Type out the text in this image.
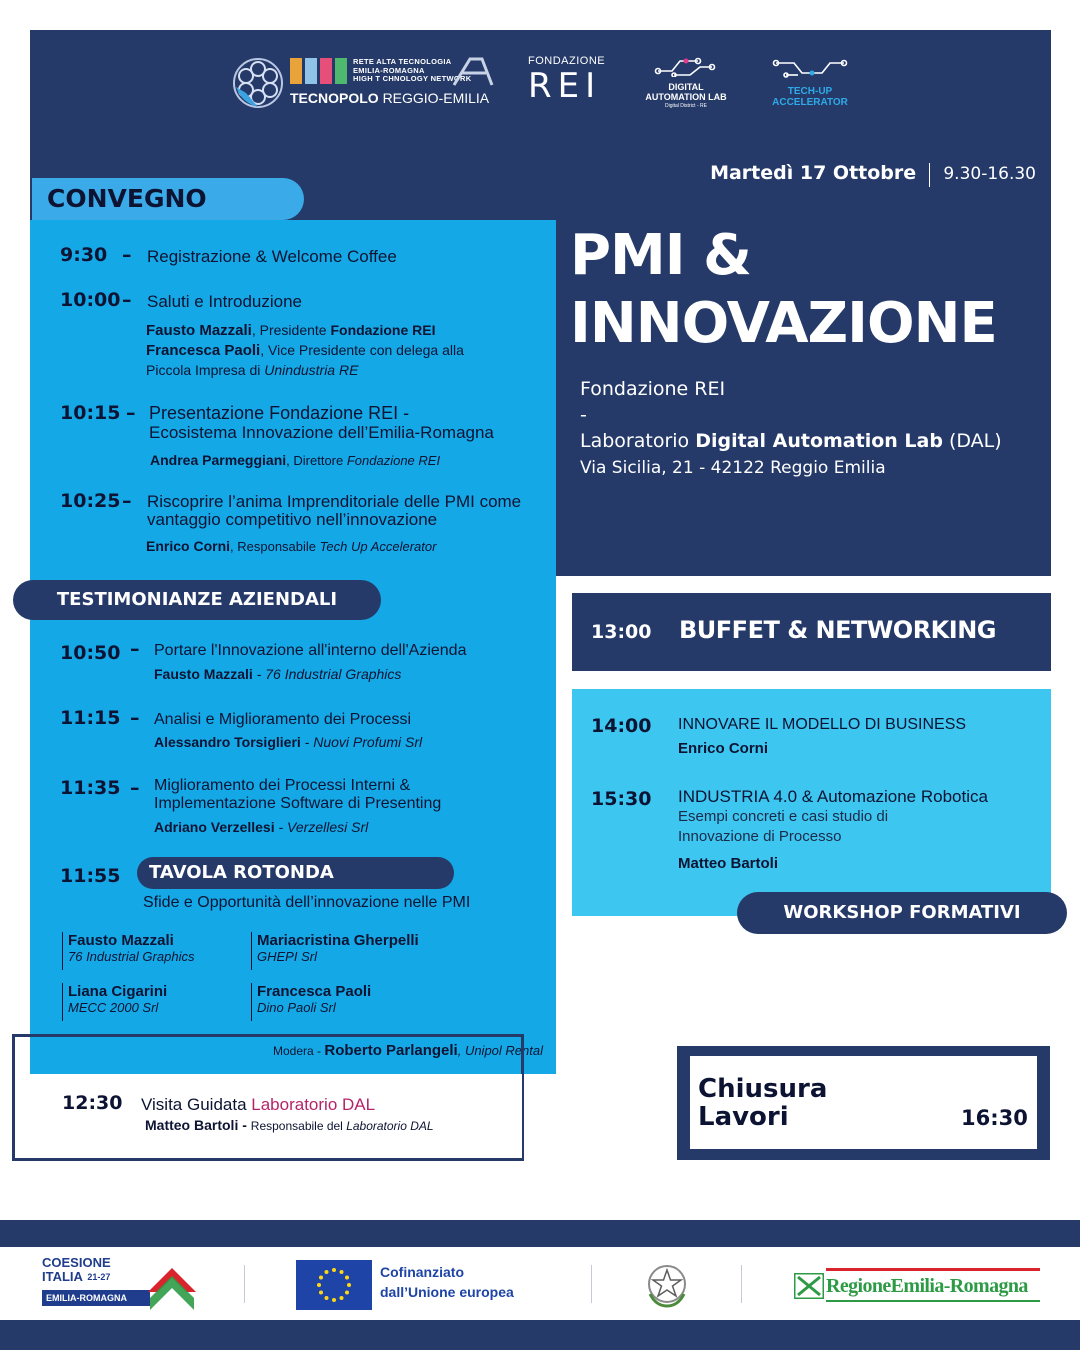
RETE ALTA TECNOLOGIA
EMILIA-ROMAGNA
HIGH T CHNOLOGY NETWORK
TECNOPOLO REGGIO-EMILIA
FONDAZIONE
REI	DIGITAL
AUTOMATION LAB
Digital District - RE
TECH-UP
ACCELERATOR
Martedì 17 Ottobre 9.30-16.30
PMI &
INNOVAZIONE
Fondazione REI
-
Laboratorio Digital Automation Lab (DAL)
Via Sicilia, 21 - 42122 Reggio Emilia
CONVEGNO
9:30 – Registrazione & Welcome Coffee
10:00 – Saluti e Introduzione
Fausto Mazzali, Presidente Fondazione REI
Francesca Paoli, Vice Presidente con delega alla
Piccola Impresa di Unindustria RE
10:15 – Presentazione Fondazione REI -
Ecosistema Innovazione dell’Emilia-Romagna
Andrea Parmeggiani, Direttore Fondazione REI
10:25 – Riscoprire l’anima Imprenditoriale delle PMI come
vantaggio competitivo nell’innovazione
Enrico Corni, Responsabile Tech Up Accelerator
TESTIMONIANZE AZIENDALI
10:50 – Portare l'Innovazione all'interno dell'Azienda
Fausto Mazzali - 76 Industrial Graphics
11:15 – Analisi e Miglioramento dei Processi
Alessandro Torsiglieri - Nuovi Profumi Srl
11:35 – Miglioramento dei Processi Interni &
Implementazione Software di Presenting
Adriano Verzellesi - Verzellesi Srl
11:55	TAVOLA ROTONDA
Sfide e Opportunità dell’innovazione nelle PMI
Fausto Mazzali
76 Industrial Graphics
Mariacristina Gherpelli
GHEPI Srl
Liana Cigarini
MECC 2000 Srl
Francesca Paoli
Dino Paoli Srl
Modera - Roberto Parlangeli, Unipol Rental
12:30 Visita Guidata Laboratorio DAL
Matteo Bartoli - Responsabile del Laboratorio DAL
13:00 BUFFET & NETWORKING
14:00 INNOVARE IL MODELLO DI BUSINESS
Enrico Corni
15:30 INDUSTRIA 4.0 & Automazione Robotica
Esempi concreti e casi studio di
Innovazione di Processo
Matteo Bartoli
WORKSHOP FORMATIVI
Chiusura
Lavori	16:30
COESIONE
ITALIA $^{21-27}$
EMILIA-ROMAGNA
Cofinanziato
dall’Unione europea	RegioneEmilia-Romagna
